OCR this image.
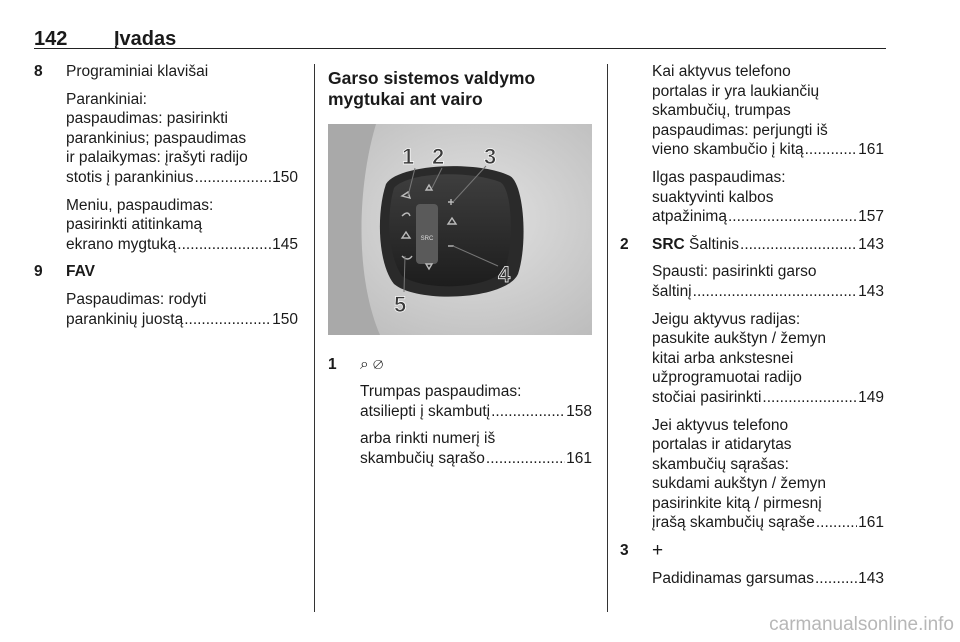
142 Įvadas
8 Programiniai klavišai
Parankiniai:
paspaudimas: pasirinkti
parankinius; paspaudimas
ir palaikymas: įrašyti radijo
stotis į parankinius .....	150
Meniu, paspaudimas:
pasirinkti atitinkamą
ekrano mygtuką .....	145
9 FAV
Paspaudimas: rodyti
parankinių juostą .....	150
Garso sistemos valdymo
mygtukai ant vairo
SRC
1 2 3
4
5
1 ⌕ ⌀
Trumpas paspaudimas:
atsiliepti į skambutį .....	158
arba rinkti numerį iš
skambučių sąrašo .....	161
Kai aktyvus telefono
portalas ir yra laukiančių
skambučių, trumpas
paspaudimas: perjungti iš
vieno skambučio į kitą .....	161
Ilgas paspaudimas:
suaktyvinti kalbos
atpažinimą .....	157
2 SRC Šaltinis .....	143
Spausti: pasirinkti garso
šaltinį .....	143
Jeigu aktyvus radijas:
pasukite aukštyn / žemyn
kitai arba ankstesnei
užprogramuotai radijo
stočiai pasirinkti .....	149
Jei aktyvus telefono
portalas ir atidarytas
skambučių sąrašas:
sukdami aukštyn / žemyn
pasirinkite kitą / pirmesnį
įrašą skambučių sąraše .....	161
3 +
Padidinamas garsumas .....	143
carmanualsonline.info
